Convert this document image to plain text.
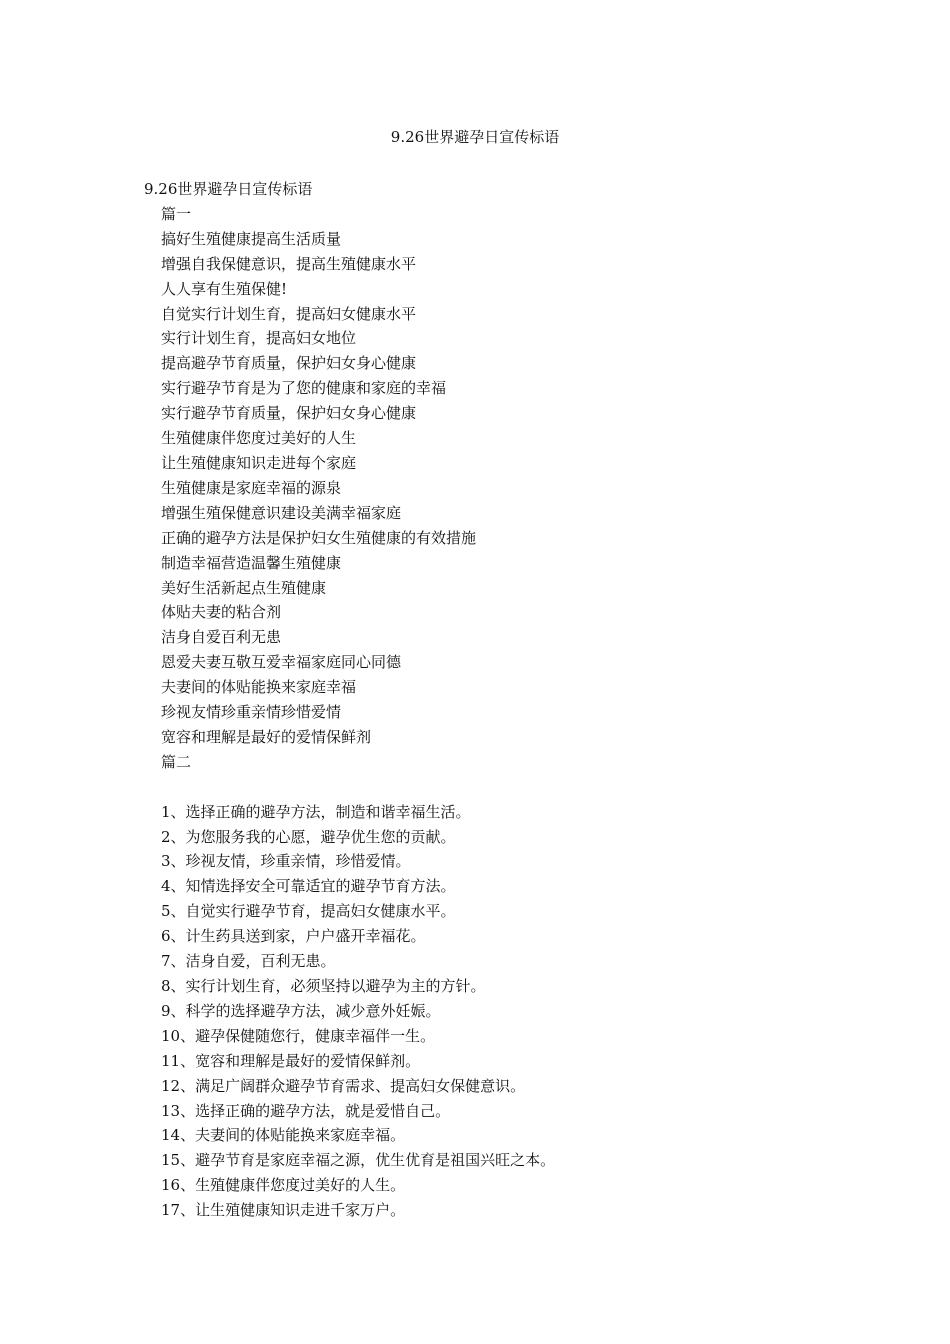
9.26世界避孕日宣传标语
9.26世界避孕日宣传标语
篇一
搞好生殖健康提高生活质量
增强自我保健意识，提高生殖健康水平
人人享有生殖保健!
自觉实行计划生育，提高妇女健康水平
实行计划生育，提高妇女地位
提高避孕节育质量，保护妇女身心健康
实行避孕节育是为了您的健康和家庭的幸福
实行避孕节育质量，保护妇女身心健康
生殖健康伴您度过美好的人生
让生殖健康知识走进每个家庭
生殖健康是家庭幸福的源泉
增强生殖保健意识建设美满幸福家庭
正确的避孕方法是保护妇女生殖健康的有效措施
制造幸福营造温馨生殖健康
美好生活新起点生殖健康
体贴夫妻的粘合剂
洁身自爱百利无患
恩爱夫妻互敬互爱幸福家庭同心同德
夫妻间的体贴能换来家庭幸福
珍视友情珍重亲情珍惜爱情
宽容和理解是最好的爱情保鲜剂
篇二
1、选择正确的避孕方法，制造和谐幸福生活。
2、为您服务我的心愿，避孕优生您的贡献。
3、珍视友情，珍重亲情，珍惜爱情。
4、知情选择安全可靠适宜的避孕节育方法。
5、自觉实行避孕节育，提高妇女健康水平。
6、计生药具送到家，户户盛开幸福花。
7、洁身自爱，百利无患。
8、实行计划生育，必须坚持以避孕为主的方针。
9、科学的选择避孕方法，减少意外妊娠。
10、避孕保健随您行，健康幸福伴一生。
11、宽容和理解是最好的爱情保鲜剂。
12、满足广阔群众避孕节育需求、提高妇女保健意识。
13、选择正确的避孕方法，就是爱惜自己。
14、夫妻间的体贴能换来家庭幸福。
15、避孕节育是家庭幸福之源，优生优育是祖国兴旺之本。
16、生殖健康伴您度过美好的人生。
17、让生殖健康知识走进千家万户。
